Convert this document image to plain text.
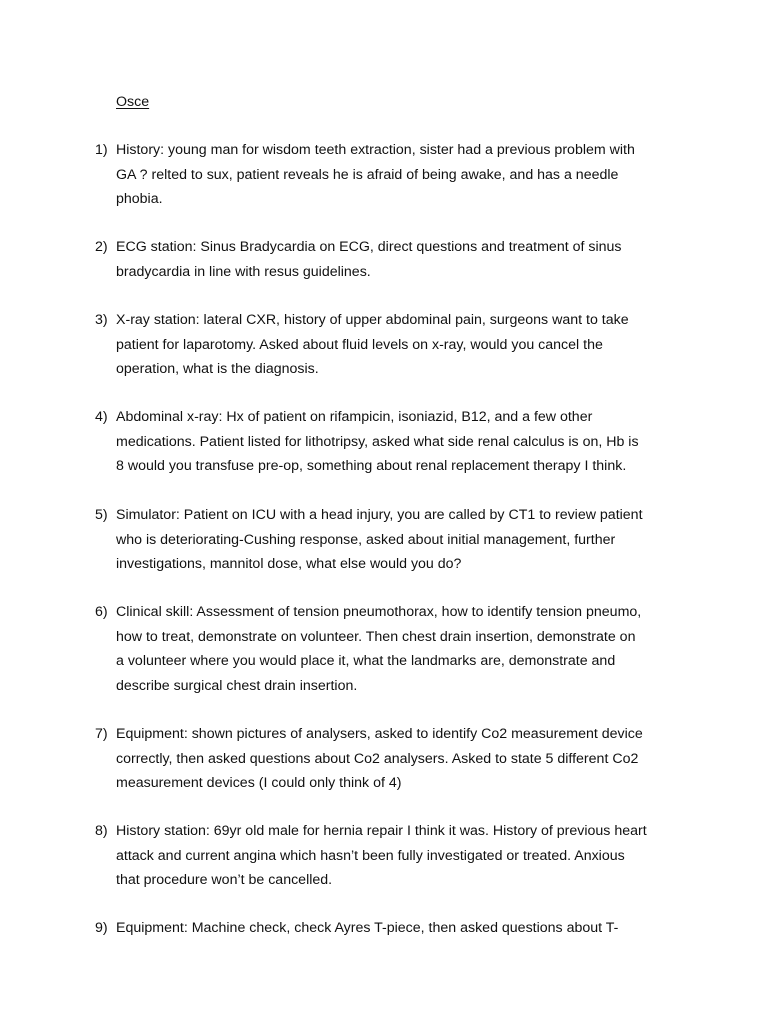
Osce
1) History: young man for wisdom teeth extraction, sister had a previous problem with
GA ? relted to sux, patient reveals he is afraid of being awake, and has a needle
phobia.
2) ECG station: Sinus Bradycardia on ECG, direct questions and treatment of sinus
bradycardia in line with resus guidelines.
3) X-ray station: lateral CXR, history of upper abdominal pain, surgeons want to take
patient for laparotomy. Asked about fluid levels on x-ray, would you cancel the
operation, what is the diagnosis.
4) Abdominal x-ray: Hx of patient on rifampicin, isoniazid, B12, and a few other
medications. Patient listed for lithotripsy, asked what side renal calculus is on, Hb is
8 would you transfuse pre-op, something about renal replacement therapy I think.
5) Simulator: Patient on ICU with a head injury, you are called by CT1 to review patient
who is deteriorating-Cushing response, asked about initial management, further
investigations, mannitol dose, what else would you do?
6) Clinical skill: Assessment of tension pneumothorax, how to identify tension pneumo,
how to treat, demonstrate on volunteer. Then chest drain insertion, demonstrate on
a volunteer where you would place it, what the landmarks are, demonstrate and
describe surgical chest drain insertion.
7) Equipment: shown pictures of analysers, asked to identify Co2 measurement device
correctly, then asked questions about Co2 analysers. Asked to state 5 different Co2
measurement devices (I could only think of 4)
8) History station: 69yr old male for hernia repair I think it was. History of previous heart
attack and current angina which hasn’t been fully investigated or treated. Anxious
that procedure won’t be cancelled.
9) Equipment: Machine check, check Ayres T-piece, then asked questions about T-
